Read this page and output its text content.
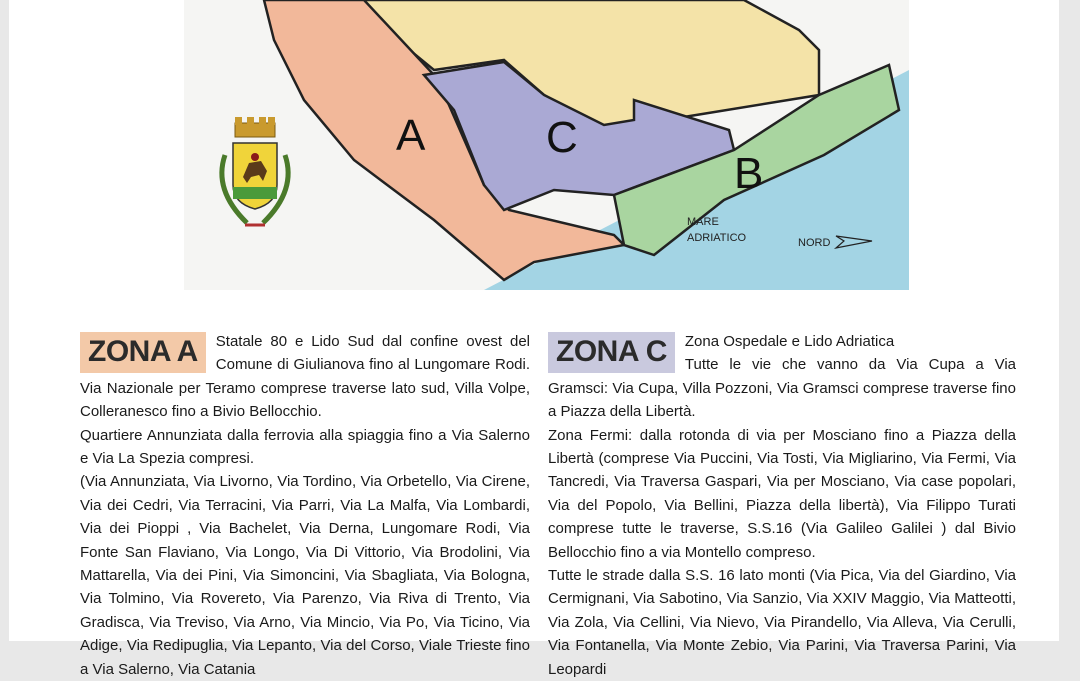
A	C
B
MARE
ADRIATICO	NORD
ZONA A	Statale 80 e Lido Sud dal confine ovest del Comune di Giulianova fino al Lungomare Rodi. Via Nazionale per Teramo comprese traverse lato sud, Villa Volpe, Colleranesco fino a Bivio Bellocchio.

Quartiere Annunziata dalla ferrovia alla spiaggia fino a Via Salerno e Via La Spezia compresi.

(Via Annunziata, Via Livorno, Via Tordino, Via Orbetello, Via Cirene, Via dei Cedri, Via Terracini, Via Parri, Via La Malfa, Via Lombardi, Via dei Pioppi , Via Bachelet, Via Derna, Lungomare Rodi, Via Fonte San Flaviano, Via Longo, Via Di Vittorio, Via Brodolini, Via Mattarella, Via dei Pini, Via Simoncini, Via Sbagliata, Via Bologna, Via Tolmino, Via Rovereto, Via Parenzo, Via Riva di Trento, Via Gradisca, Via Treviso, Via Arno, Via Mincio, Via Po, Via Ticino, Via Adige, Via Redipuglia, Via Lepanto, Via del Corso, Viale Trieste fino a Via Salerno, Via Catania

ZONA C	Zona Ospedale e Lido Adriatica

Tutte le vie che vanno da Via Cupa a Via Gramsci: Via Cupa, Villa Pozzoni, Via Gramsci comprese traverse fino a Piazza della Libertà.

Zona Fermi: dalla rotonda di via per Mosciano fino a Piazza della Libertà (comprese Via Puccini, Via Tosti, Via Migliarino, Via Fermi, Via Tancredi, Via Traversa Gaspari, Via per Mosciano, Via case popolari, Via del Popolo, Via Bellini, Piazza della libertà), Via Filippo Turati comprese tutte le traverse, S.S.16 (Via Galileo Galilei ) dal Bivio Bellocchio fino a via Montello compreso.

Tutte le strade dalla S.S. 16 lato monti (Via Pica, Via del Giardino, Via Cermignani, Via Sabotino, Via Sanzio, Via XXIV Maggio, Via Matteotti, Via Zola, Via Cellini, Via Nievo, Via Pirandello, Via Alleva, Via Cerulli, Via Fontanella, Via Monte Zebio, Via Parini, Via Traversa Parini, Via Leopardi
